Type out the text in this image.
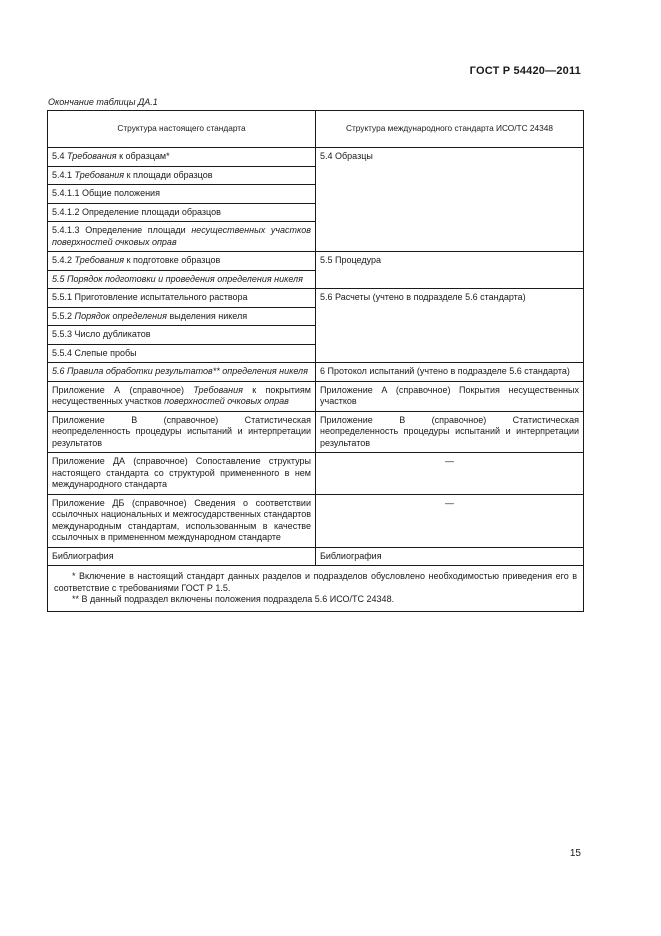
ГОСТ Р 54420—2011
Окончание таблицы ДА.1
Структура настоящего стандарта	Структура международного стандарта ИСО/ТС 24348
5.4 Требования к образцам*	5.4 Образцы
5.4.1 Требования к площади образцов	
5.4.1.1 Общие положения	
5.4.1.2 Определение площади образцов	
5.4.1.3 Определение площади несущественных участков поверхностей очковых оправ	
5.4.2 Требования к подготовке образцов	5.5 Процедура
5.5 Порядок подготовки и проведения определения никеля	
5.5.1 Приготовление испытательного раствора	5.6 Расчеты (учтено в подразделе 5.6 стандарта)
5.5.2 Порядок определения выделения никеля	
5.5.3 Число дубликатов	
5.5.4 Слепые пробы	
5.6 Правила обработки результатов** определения никеля	6 Протокол испытаний (учтено в подразделе 5.6 стандарта)
Приложение А (справочное) Требования к покрытиям несущественных участков поверхностей очковых оправ	Приложение А (справочное) Покрытия несущественных участков
Приложение В (справочное) Статистическая неопределенность процедуры испытаний и интерпретации результатов	Приложение В (справочное) Статистическая неопределенность процедуры испытаний и интерпретации результатов
Приложение ДА (справочное) Сопоставление структуры настоящего стандарта со структурой примененного в нем международного стандарта	—
Приложение ДБ (справочное) Сведения о соответствии ссылочных национальных и межгосударственных стандартов международным стандартам, использованным в качестве ссылочных в примененном международном стандарте	—
Библиография	Библиография

* Включение в настоящий стандарт данных разделов и подразделов обусловлено необходимостью приведения его в соответствие с требованиями ГОСТ Р 1.5.
** В данный подраздел включены положения подраздела 5.6 ИСО/ТС 24348.	
15
